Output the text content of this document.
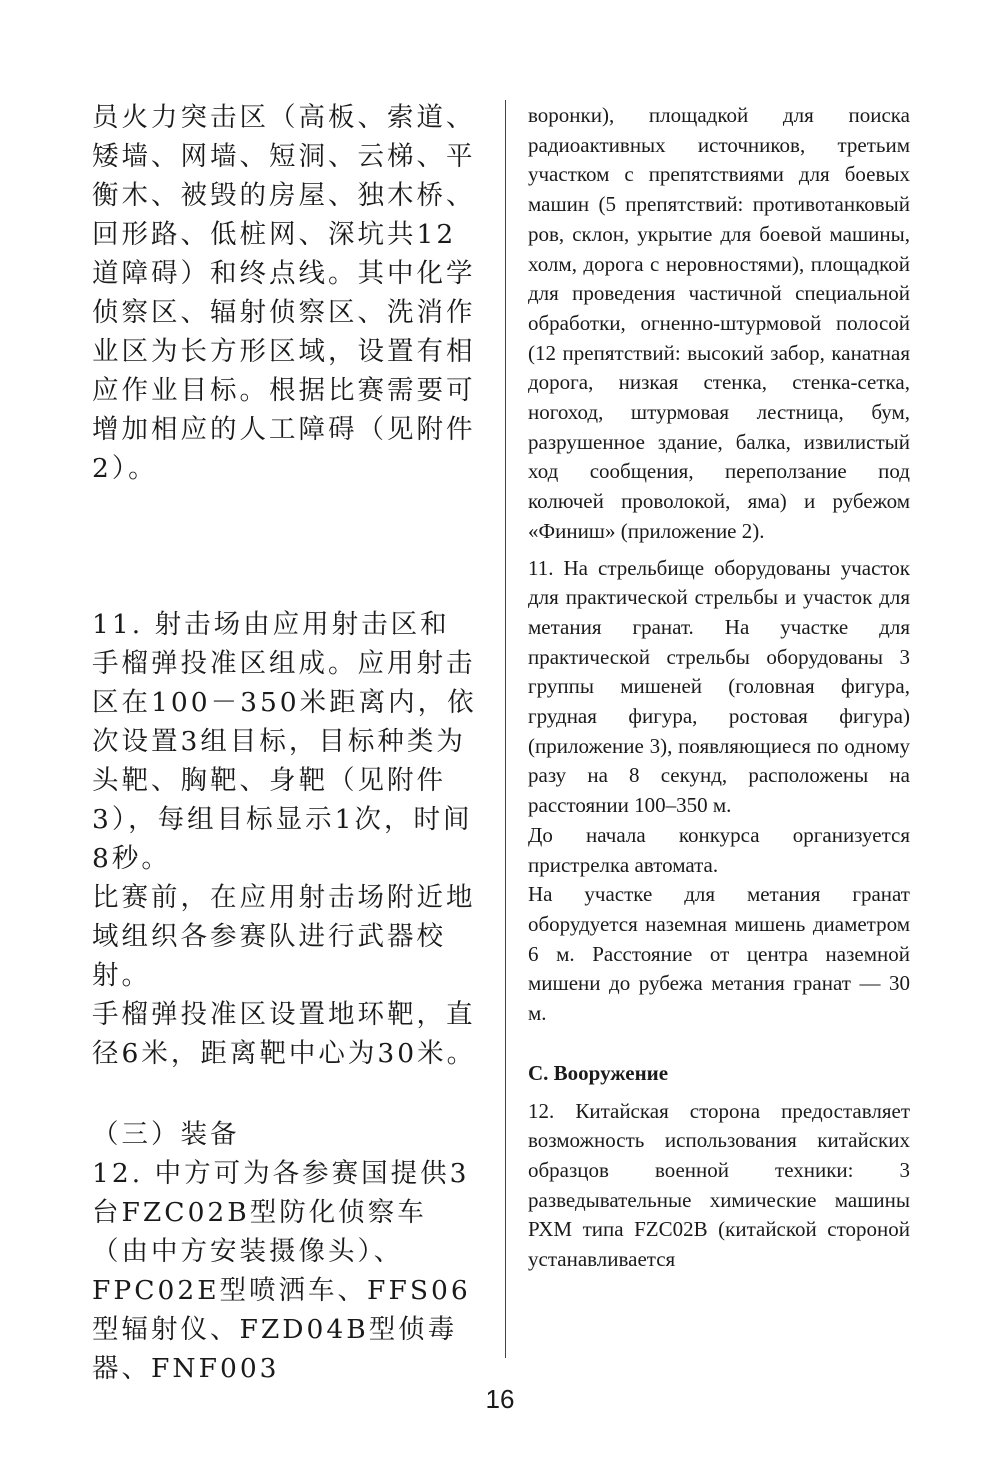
员火力突击区（高板、索道、矮墙、网墙、短洞、云梯、平衡木、被毁的房屋、独木桥、回形路、低桩网、深坑共12道障碍）和终点线。其中化学侦察区、辐射侦察区、洗消作业区为长方形区域，设置有相应作业目标。根据比赛需要可增加相应的人工障碍（见附件2）。

11. 射击场由应用射击区和手榴弹投准区组成。应用射击区在100－350米距离内，依次设置3组目标，目标种类为头靶、胸靶、身靶（见附件3），每组目标显示1次，时间8秒。

比赛前，在应用射击场附近地域组织各参赛队进行武器校射。

手榴弹投准区设置地环靶，直径6米，距离靶中心为30米。

（三）装备

12. 中方可为各参赛国提供3台FZC02B型防化侦察车（由中方安装摄像头）、FPC02E型喷洒车、FFS06型辐射仪、FZD04B型侦毒器、FNF003

воронки), площадкой для поиска радиоактивных источников, третьим участком с препятствиями для боевых машин (5 препятствий: противотанковый ров, склон, укрытие для боевой машины, холм, дорога с неровностями), площадкой для проведения частичной специальной обработки, огненно-штурмовой полосой (12 препятствий: высокий забор, канатная дорога, низкая стенка, стенка-сетка, ногоход, штурмовая лестница, бум, разрушенное здание, балка, извилистый ход сообщения, переползание под колючей проволокой, яма) и рубежом «Финиш» (приложение 2).

11. На стрельбище оборудованы участок для практической стрельбы и участок для метания гранат. На участке для практической стрельбы оборудованы 3 группы мишеней (головная фигура, грудная фигура, ростовая фигура) (приложение 3), появляющиеся по одному разу на 8 секунд, расположены на расстоянии 100–350 м.

До начала конкурса организуется пристрелка автомата.

На участке для метания гранат оборудуется наземная мишень диаметром 6 м. Расстояние от центра наземной мишени до рубежа метания гранат — 30 м.

C. Вооружение

12. Китайская сторона предоставляет возможность использования китайских образцов военной техники: 3 разведывательные химические машины РХМ типа FZC02B (китайской стороной устанавливается

16
